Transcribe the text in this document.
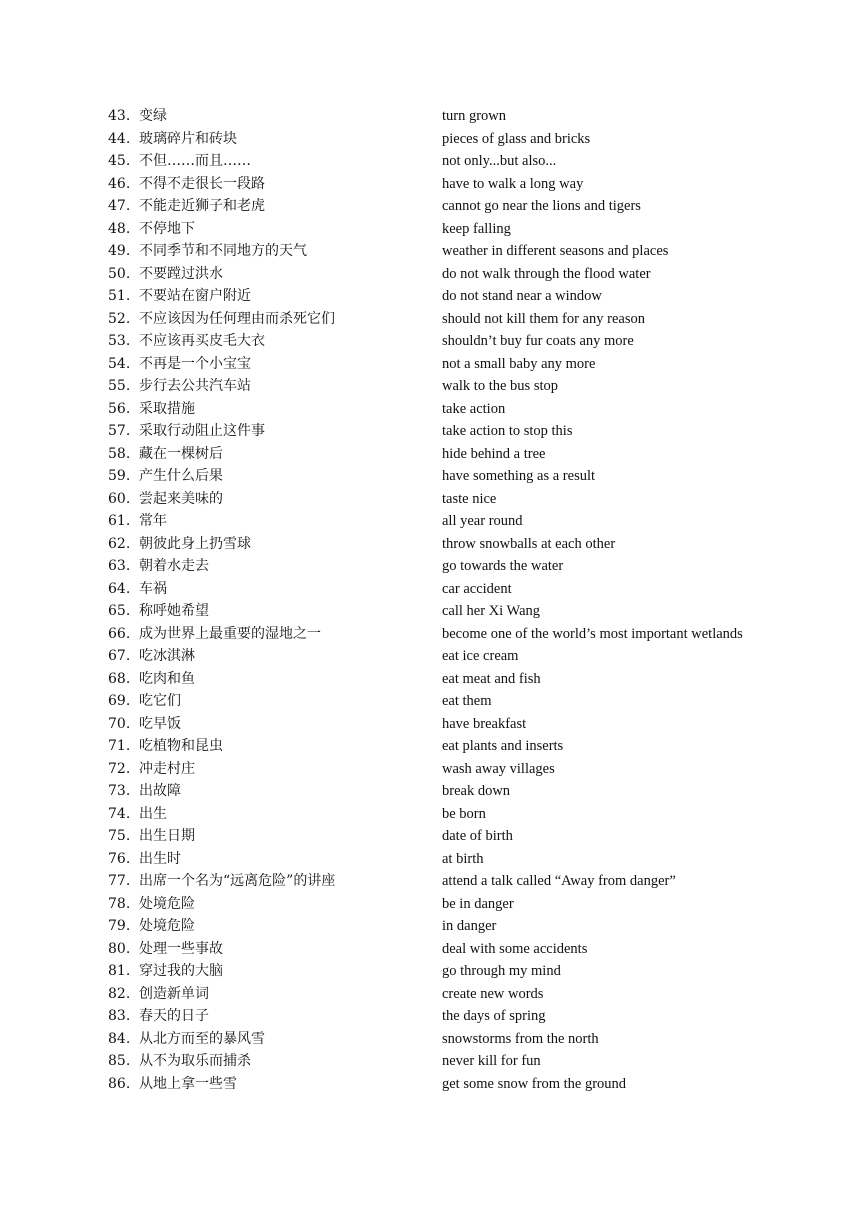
43. 变绿	turn grown
44. 玻璃碎片和砖块	pieces of glass and bricks
45. 不但……而且……	not only...but also...
46. 不得不走很长一段路	have to walk a long way
47. 不能走近狮子和老虎	cannot go near the lions and tigers
48. 不停地下	keep falling
49. 不同季节和不同地方的天气	weather in different seasons and places
50. 不要蹚过洪水	do not walk through the flood water
51. 不要站在窗户附近	do not stand near a window
52. 不应该因为任何理由而杀死它们	should not kill them for any reason
53. 不应该再买皮毛大衣	shouldn’t buy fur coats any more
54. 不再是一个小宝宝	not a small baby any more
55. 步行去公共汽车站	walk to the bus stop
56. 采取措施	take action
57. 采取行动阻止这件事	take action to stop this
58. 藏在一棵树后	hide behind a tree
59. 产生什么后果	have something as a result
60. 尝起来美味的	taste nice
61. 常年	all year round
62. 朝彼此身上扔雪球	throw snowballs at each other
63. 朝着水走去	go towards the water
64. 车祸	car accident
65. 称呼她希望	call her Xi Wang
66. 成为世界上最重要的湿地之一	become one of the world’s most important wetlands
67. 吃冰淇淋	eat ice cream
68. 吃肉和鱼	eat meat and fish
69. 吃它们	eat them
70. 吃早饭	have breakfast
71. 吃植物和昆虫	eat plants and inserts
72. 冲走村庄	wash away villages
73. 出故障	break down
74. 出生	be born
75. 出生日期	date of birth
76. 出生时	at birth
77. 出席一个名为“远离危险”的讲座	attend a talk called “Away from danger”
78. 处境危险	be in danger
79. 处境危险	in danger
80. 处理一些事故	deal with some accidents
81. 穿过我的大脑	go through my mind
82. 创造新单词	create new words
83. 春天的日子	the days of spring
84. 从北方而至的暴风雪	snowstorms from the north
85. 从不为取乐而捕杀	never kill for fun
86. 从地上拿一些雪	get some snow from the ground
